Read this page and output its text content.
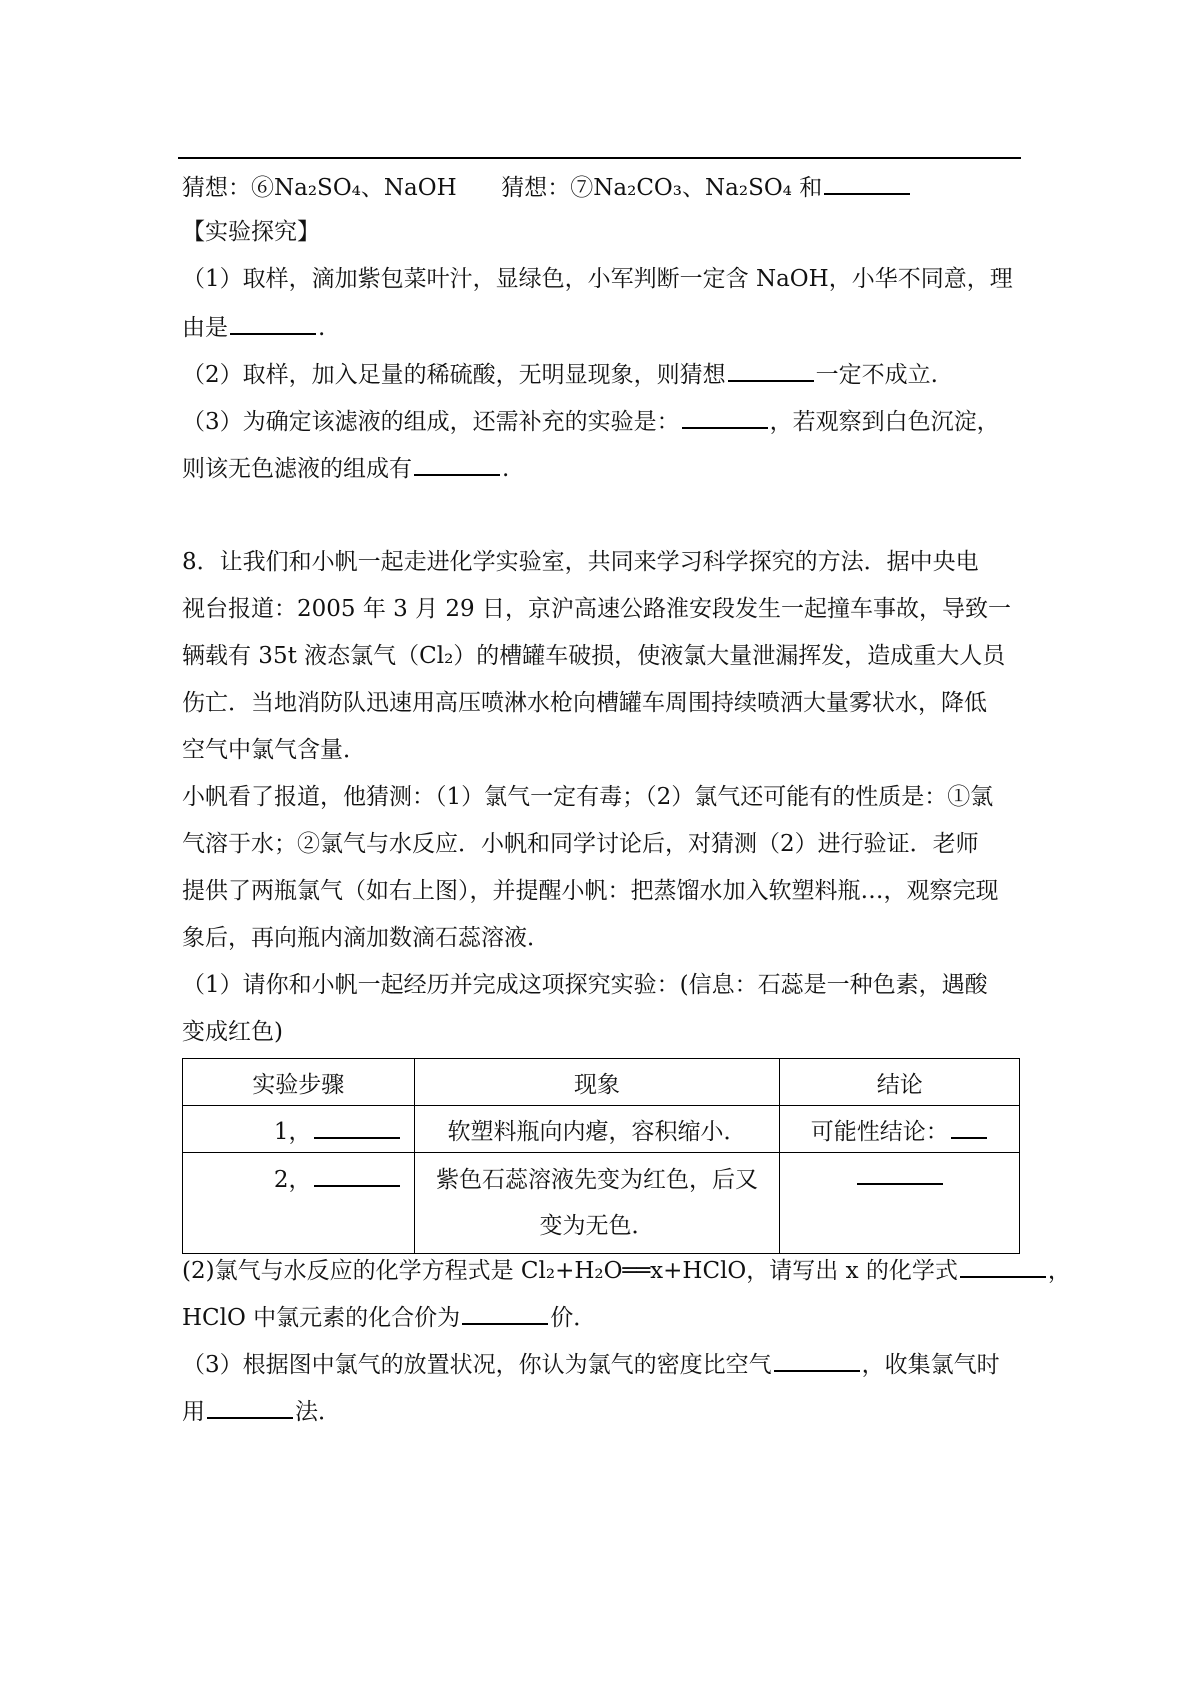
猜想：⑥Na₂SO₄、NaOH 猜想：⑦Na₂CO₃、Na₂SO₄ 和
【实验探究】
（1）取样，滴加紫包菜叶汁，显绿色，小军判断一定含 NaOH，小华不同意，理
由是	.
（2）取样，加入足量的稀硫酸，无明显现象，则猜想	一定不成立.
（3）为确定该滤液的组成，还需补充的实验是：	，若观察到白色沉淀，
则该无色滤液的组成有	.
8．让我们和小帆一起走进化学实验室，共同来学习科学探究的方法．据中央电
视台报道：2005 年 3 月 29 日，京沪高速公路淮安段发生一起撞车事故，导致一
辆载有 35t 液态氯气（Cl₂）的槽罐车破损，使液氯大量泄漏挥发，造成重大人员
伤亡．当地消防队迅速用高压喷淋水枪向槽罐车周围持续喷洒大量雾状水，降低
空气中氯气含量．
小帆看了报道，他猜测：（1）氯气一定有毒；（2）氯气还可能有的性质是：①氯
气溶于水；②氯气与水反应．小帆和同学讨论后，对猜测（2）进行验证．老师
提供了两瓶氯气（如右上图），并提醒小帆：把蒸馏水加入软塑料瓶…，观察完现
象后，再向瓶内滴加数滴石蕊溶液．
（1）请你和小帆一起经历并完成这项探究实验：(信息：石蕊是一种色素，遇酸
变成红色)
实验步骤	现象	结论

1，	软塑料瓶向内瘪，容积缩小．	可能性结论：

2，	紫色石蕊溶液先变为红色，后又
变为无色．	

(2)氯气与水反应的化学方程式是 Cl₂+H₂O══x+HClO，请写出 x 的化学式	，
HClO 中氯元素的化合价为	价．
（3）根据图中氯气的放置状况，你认为氯气的密度比空气	，收集氯气时
用	法．
